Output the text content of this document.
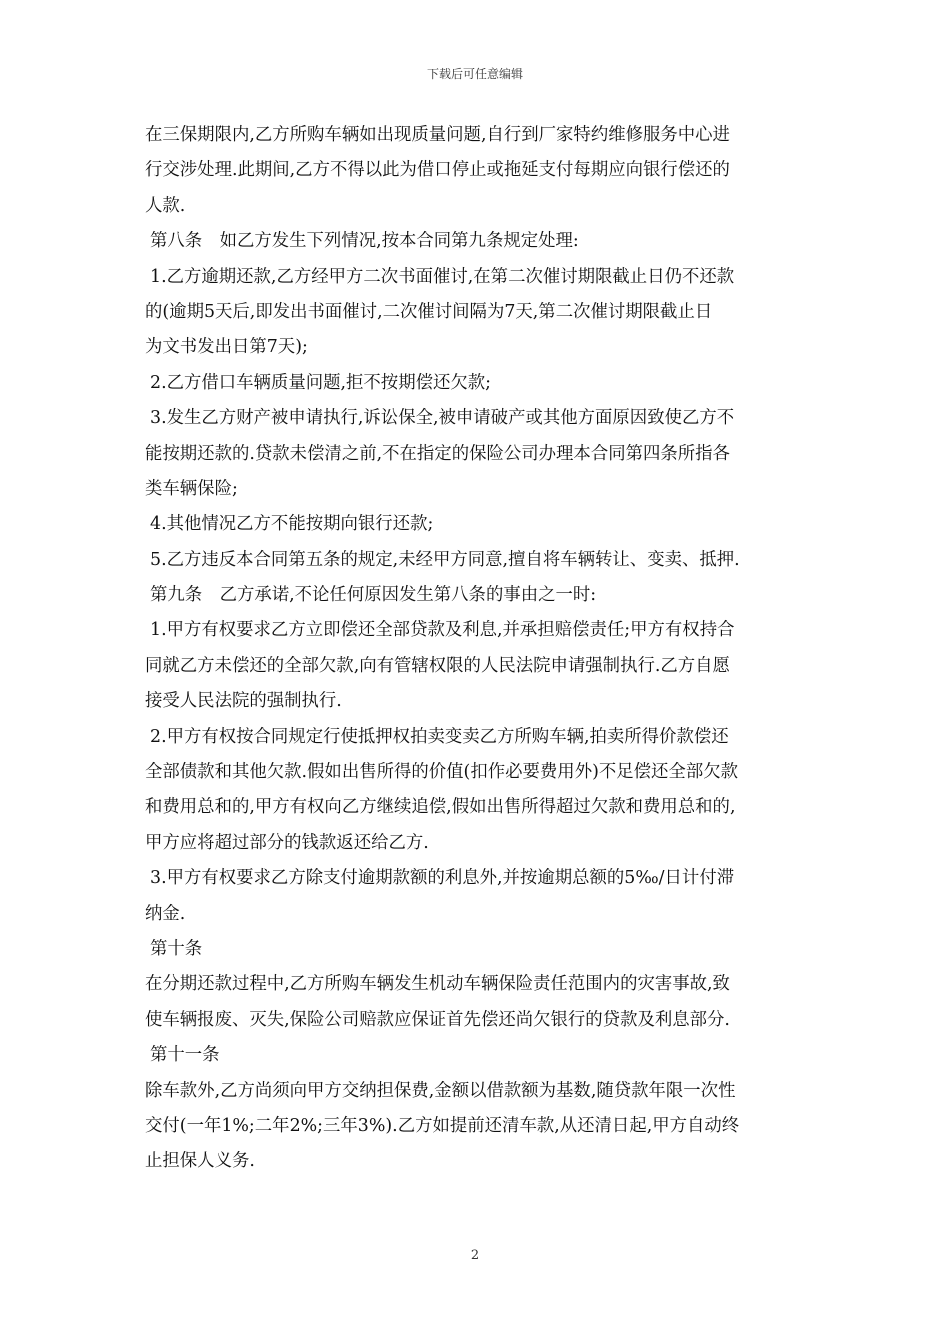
下载后可任意编辑
在三保期限内,乙方所购车辆如出现质量问题,自行到厂家特约维修服务中心进
行交涉处理.此期间,乙方不得以此为借口停止或拖延支付每期应向银行偿还的
人款.
第八条　如乙方发生下列情况,按本合同第九条规定处理:
1.乙方逾期还款,乙方经甲方二次书面催讨,在第二次催讨期限截止日仍不还款
的(逾期5天后,即发出书面催讨,二次催讨间隔为7天,第二次催讨期限截止日
为文书发出日第7天);
2.乙方借口车辆质量问题,拒不按期偿还欠款;
3.发生乙方财产被申请执行,诉讼保全,被申请破产或其他方面原因致使乙方不
能按期还款的.贷款未偿清之前,不在指定的保险公司办理本合同第四条所指各
类车辆保险;
4.其他情况乙方不能按期向银行还款;
5.乙方违反本合同第五条的规定,未经甲方同意,擅自将车辆转让、变卖、抵押.
第九条　乙方承诺,不论任何原因发生第八条的事由之一时:
1.甲方有权要求乙方立即偿还全部贷款及利息,并承担赔偿责任;甲方有权持合
同就乙方未偿还的全部欠款,向有管辖权限的人民法院申请强制执行.乙方自愿
接受人民法院的强制执行.
2.甲方有权按合同规定行使抵押权拍卖变卖乙方所购车辆,拍卖所得价款偿还
全部债款和其他欠款.假如出售所得的价值(扣作必要费用外)不足偿还全部欠款
和费用总和的,甲方有权向乙方继续追偿,假如出售所得超过欠款和费用总和的,
甲方应将超过部分的钱款返还给乙方.
3.甲方有权要求乙方除支付逾期款额的利息外,并按逾期总额的5‰/日计付滞
纳金.
第十条
在分期还款过程中,乙方所购车辆发生机动车辆保险责任范围内的灾害事故,致
使车辆报废、灭失,保险公司赔款应保证首先偿还尚欠银行的贷款及利息部分.
第十一条
除车款外,乙方尚须向甲方交纳担保费,金额以借款额为基数,随贷款年限一次性
交付(一年1%;二年2%;三年3%).乙方如提前还清车款,从还清日起,甲方自动终
止担保人义务.
2
